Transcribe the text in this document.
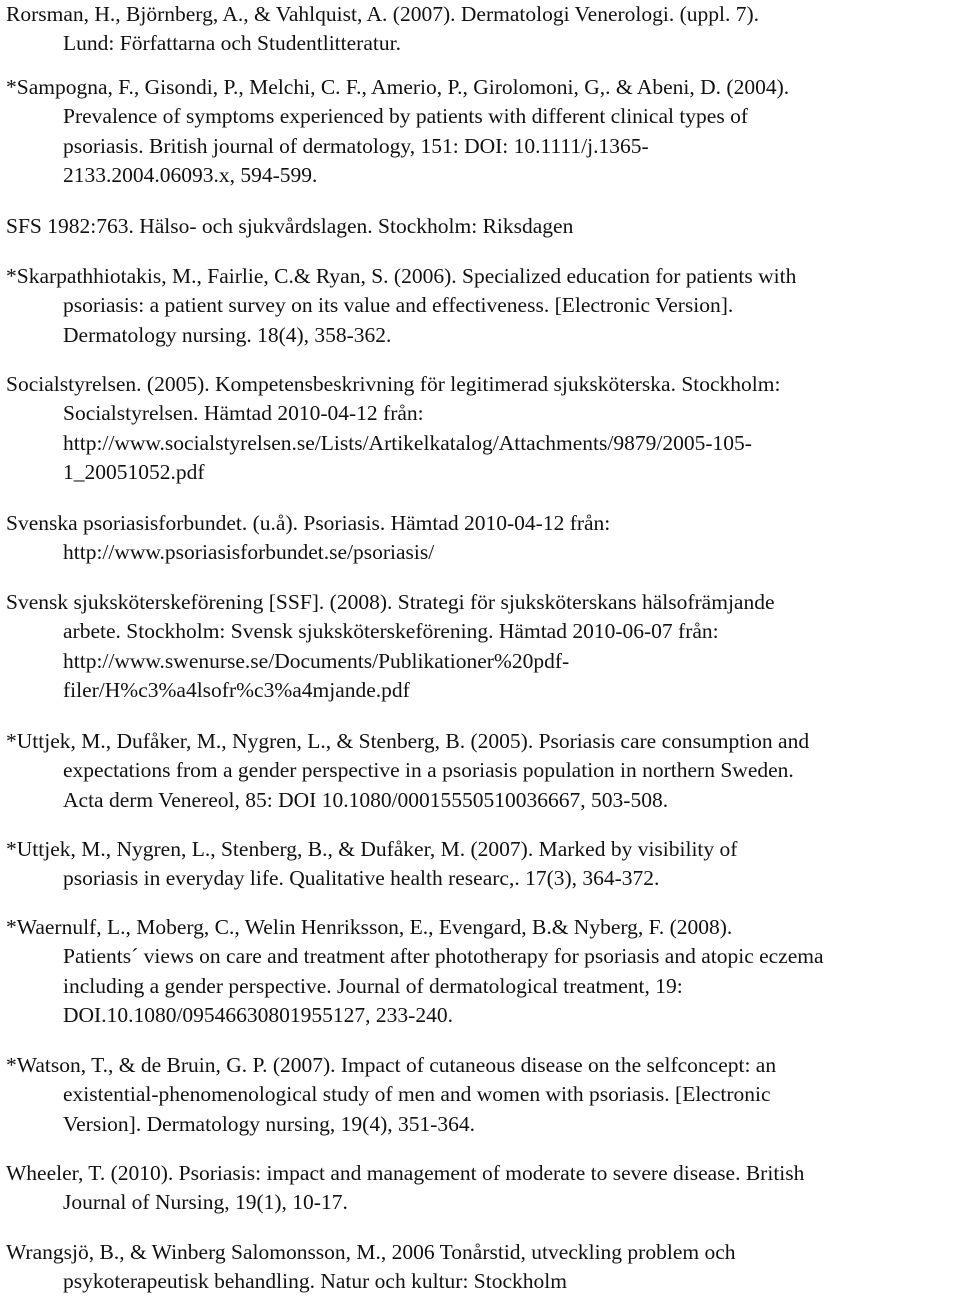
Rorsman, H., Björnberg, A., & Vahlquist, A. (2007). Dermatologi Venerologi. (uppl. 7).
Lund: Författarna och Studentlitteratur.
*Sampogna, F., Gisondi, P., Melchi, C. F., Amerio, P., Girolomoni, G,. & Abeni, D. (2004).
Prevalence of symptoms experienced by patients with different clinical types of
psoriasis. British journal of dermatology, 151: DOI: 10.1111/j.1365-
2133.2004.06093.x, 594-599.
SFS 1982:763. Hälso- och sjukvårdslagen. Stockholm: Riksdagen
*Skarpathhiotakis, M., Fairlie, C.& Ryan, S. (2006). Specialized education for patients with
psoriasis: a patient survey on its value and effectiveness. [Electronic Version].
Dermatology nursing. 18(4), 358-362.
Socialstyrelsen. (2005). Kompetensbeskrivning för legitimerad sjuksköterska. Stockholm:
Socialstyrelsen. Hämtad 2010-04-12 från:
http://www.socialstyrelsen.se/Lists/Artikelkatalog/Attachments/9879/2005-105-
1_20051052.pdf
Svenska psoriasisforbundet. (u.å). Psoriasis. Hämtad 2010-04-12 från:
http://www.psoriasisforbundet.se/psoriasis/
Svensk sjuksköterskeförening [SSF]. (2008). Strategi för sjuksköterskans hälsofrämjande
arbete. Stockholm: Svensk sjuksköterskeförening. Hämtad 2010-06-07 från:
http://www.swenurse.se/Documents/Publikationer%20pdf-
filer/H%c3%a4lsofr%c3%a4mjande.pdf
*Uttjek, M., Dufåker, M., Nygren, L., & Stenberg, B. (2005). Psoriasis care consumption and
expectations from a gender perspective in a psoriasis population in northern Sweden.
Acta derm Venereol, 85: DOI 10.1080/00015550510036667, 503-508.
*Uttjek, M., Nygren, L., Stenberg, B., & Dufåker, M. (2007). Marked by visibility of
psoriasis in everyday life. Qualitative health researc,. 17(3), 364-372.
*Waernulf, L., Moberg, C., Welin Henriksson, E., Evengard, B.& Nyberg, F. (2008).
Patients´ views on care and treatment after phototherapy for psoriasis and atopic eczema
including a gender perspective. Journal of dermatological treatment, 19:
DOI.10.1080/09546630801955127, 233-240.
*Watson, T., & de Bruin, G. P. (2007). Impact of cutaneous disease on the selfconcept: an
existential-phenomenological study of men and women with psoriasis. [Electronic
Version]. Dermatology nursing, 19(4), 351-364.
Wheeler, T. (2010). Psoriasis: impact and management of moderate to severe disease. British
Journal of Nursing, 19(1), 10-17.
Wrangsjö, B., & Winberg Salomonsson, M., 2006 Tonårstid, utveckling problem och
psykoterapeutisk behandling. Natur och kultur: Stockholm
